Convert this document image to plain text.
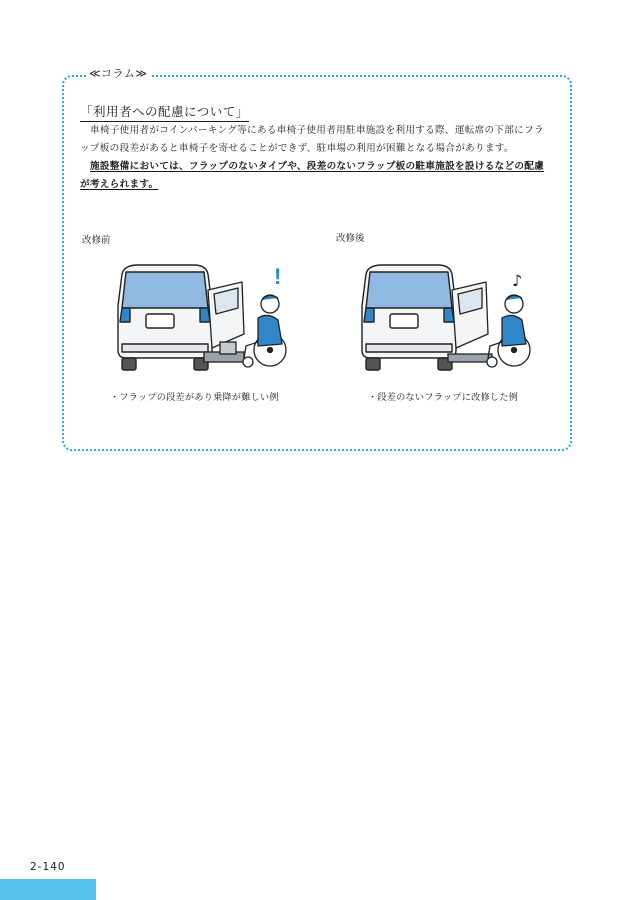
≪コラム≫
「利用者への配慮について」
車椅子使用者がコインパーキング等にある車椅子使用者用駐車施設を利用する際、運転席の下部にフラップ板の段差があると車椅子を寄せることができず、駐車場の利用が困難となる場合があります。
施設整備においては、フラップのないタイプや、段差のないフラップ板の駐車施設を設けるなどの配慮が考えられます。
改修前	改修後
!	♪
・フラップの段差があり乗降が難しい例	・段差のないフラップに改修した例
2-140
